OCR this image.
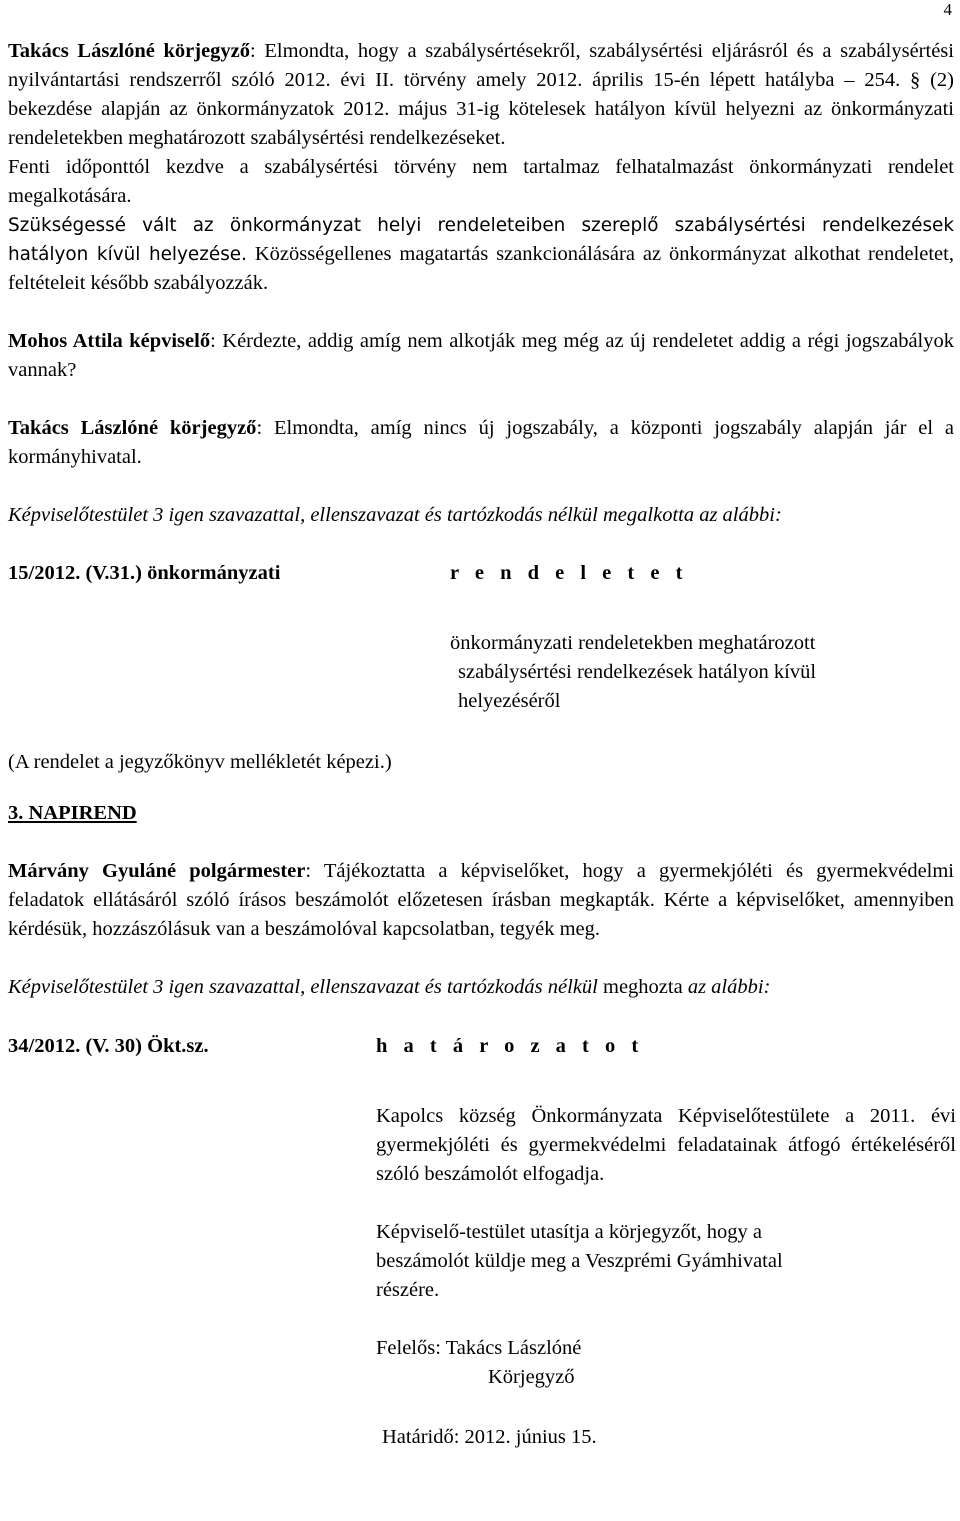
4

Takács Lászlóné körjegyző: Elmondta, hogy a szabálysértésekről, szabálysértési eljárásról és a szabálysértési nyilvántartási rendszerről szóló 2012. évi II. törvény amely 2012. április 15-én lépett hatályba – 254. § (2) bekezdése alapján az önkormányzatok 2012. május 31-ig kötelesek hatályon kívül helyezni az önkormányzati rendeletekben meghatározott szabálysértési rendelkezéseket.

Fenti időponttól kezdve a szabálysértési törvény nem tartalmaz felhatalmazást önkormányzati rendelet megalkotására.

Szükségessé vált az önkormányzat helyi rendeleteiben szereplő szabálysértési rendelkezések hatályon kívül helyezése. Közösségellenes magatartás szankcionálására az önkormányzat alkothat rendeletet, feltételeit később szabályozzák.

Mohos Attila képviselő: Kérdezte, addig amíg nem alkotják meg még az új rendeletet addig a régi jogszabályok vannak?

Takács Lászlóné körjegyző: Elmondta, amíg nincs új jogszabály, a központi jogszabály alapján jár el a kormányhivatal.

Képviselőtestület 3 igen szavazattal, ellenszavazat és tartózkodás nélkül megalkotta az alábbi:

15/2012. (V.31.) önkormányzati	r e n d e l e t e t
önkormányzati rendeletekben meghatározott
szabálysértési rendelkezések hatályon kívül
helyezéséről

(A rendelet a jegyzőkönyv mellékletét képezi.)

3. NAPIREND

Márvány Gyuláné polgármester: Tájékoztatta a képviselőket, hogy a gyermekjóléti és gyermekvédelmi feladatok ellátásáról szóló írásos beszámolót előzetesen írásban megkapták. Kérte a képviselőket, amennyiben kérdésük, hozzászólásuk van a beszámolóval kapcsolatban, tegyék meg.

Képviselőtestület 3 igen szavazattal, ellenszavazat és tartózkodás nélkül meghozta az alábbi:

34/2012. (V. 30) Ökt.sz.	h a t á r o z a t o t

Kapolcs község Önkormányzata Képviselőtestülete a 2011. évi gyermekjóléti és gyermekvédelmi feladatainak átfogó értékeléséről szóló beszámolót elfogadja.

Képviselő-testület utasítja a körjegyzőt, hogy a
beszámolót küldje meg a Veszprémi Gyámhivatal
részére.

Felelős: Takács Lászlóné
Körjegyző

Határidő: 2012. június 15.
